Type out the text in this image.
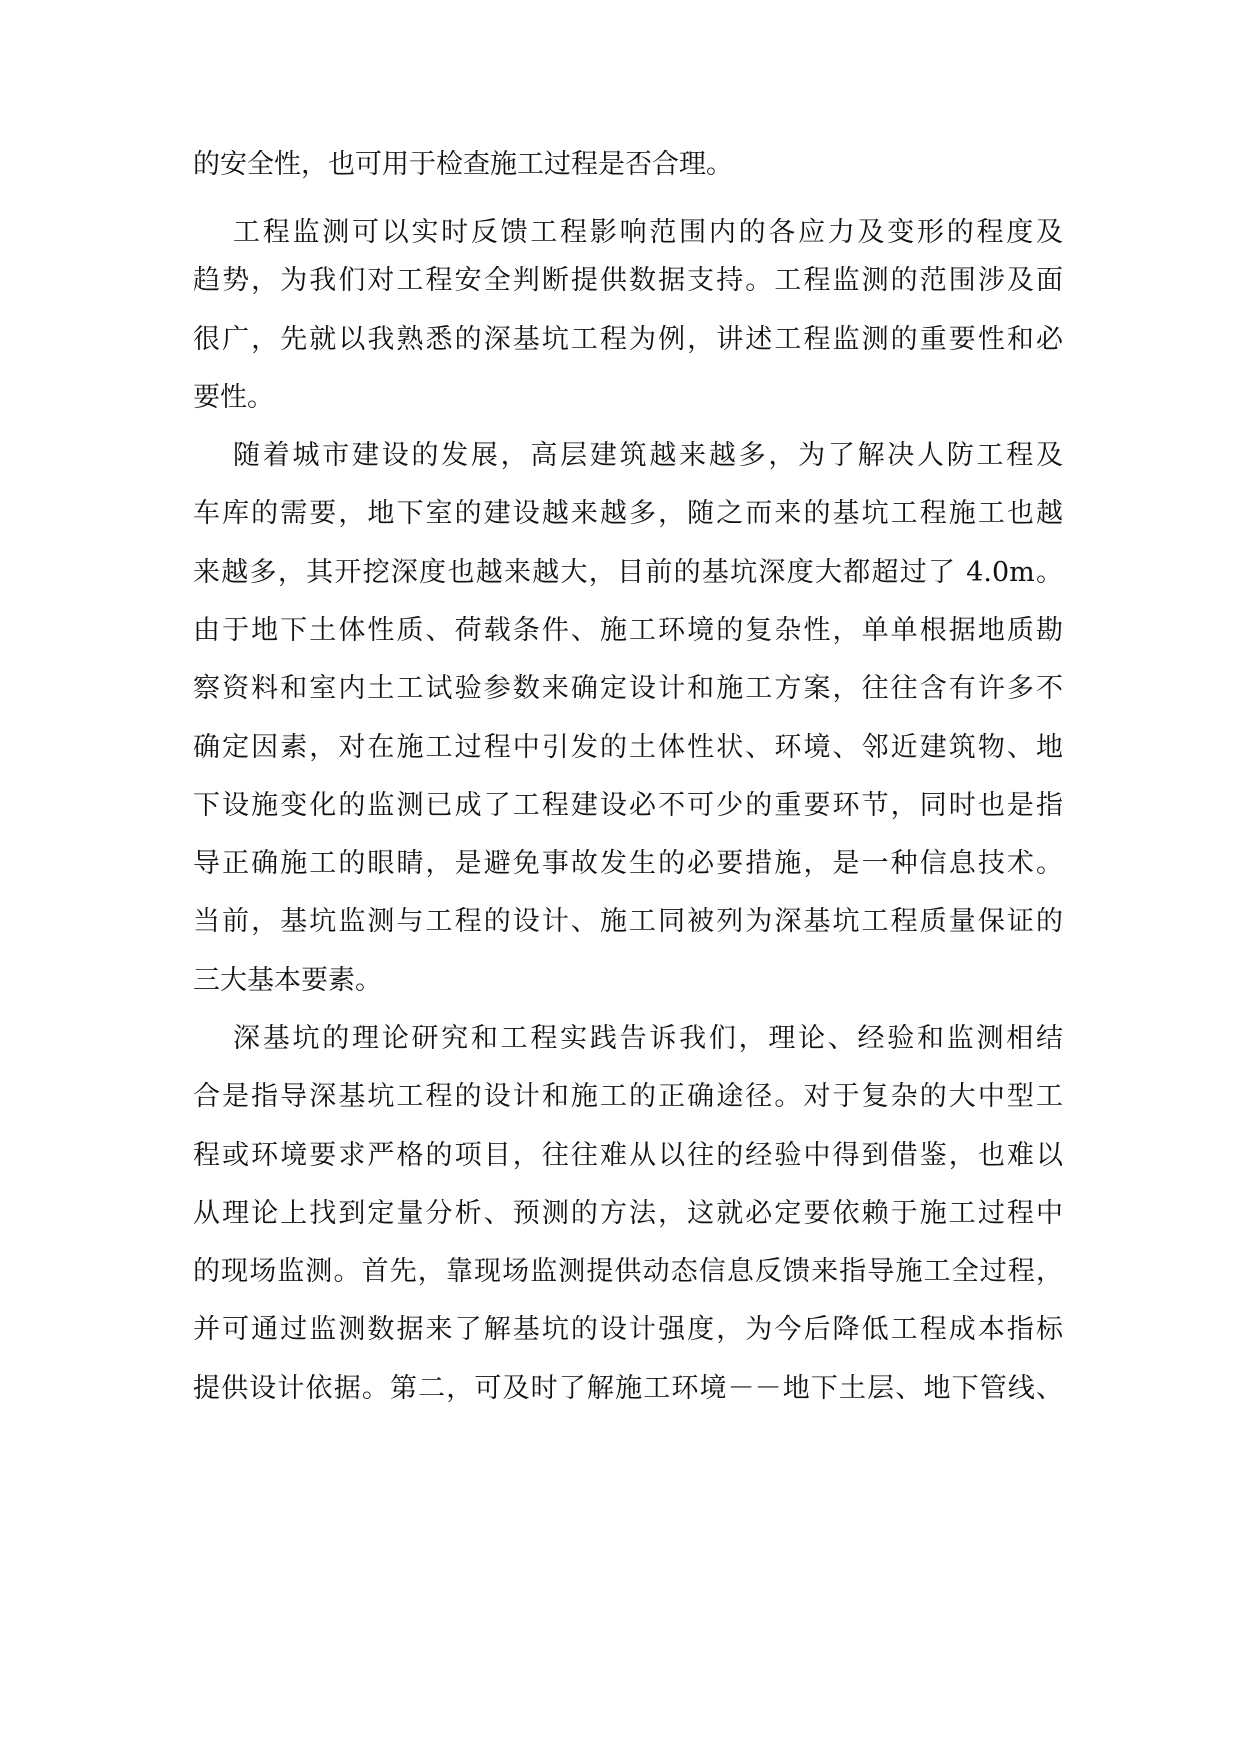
的安全性，也可用于检查施工过程是否合理。

工程监测可以实时反馈工程影响范围内的各应力及变形的程度及

趋势，为我们对工程安全判断提供数据支持。工程监测的范围涉及面

很广，先就以我熟悉的深基坑工程为例，讲述工程监测的重要性和必

要性。

随着城市建设的发展，高层建筑越来越多，为了解决人防工程及

车库的需要，地下室的建设越来越多，随之而来的基坑工程施工也越

来越多，其开挖深度也越来越大，目前的基坑深度大都超过了 4.0m。

由于地下土体性质、荷载条件、施工环境的复杂性，单单根据地质勘

察资料和室内土工试验参数来确定设计和施工方案，往往含有许多不

确定因素，对在施工过程中引发的土体性状、环境、邻近建筑物、地

下设施变化的监测已成了工程建设必不可少的重要环节，同时也是指

导正确施工的眼睛，是避免事故发生的必要措施，是一种信息技术。

当前，基坑监测与工程的设计、施工同被列为深基坑工程质量保证的

三大基本要素。

深基坑的理论研究和工程实践告诉我们，理论、经验和监测相结

合是指导深基坑工程的设计和施工的正确途径。对于复杂的大中型工

程或环境要求严格的项目，往往难从以往的经验中得到借鉴，也难以

从理论上找到定量分析、预测的方法，这就必定要依赖于施工过程中

的现场监测。首先，靠现场监测提供动态信息反馈来指导施工全过程，

并可通过监测数据来了解基坑的设计强度，为今后降低工程成本指标

提供设计依据。第二，可及时了解施工环境－－地下土层、地下管线、
